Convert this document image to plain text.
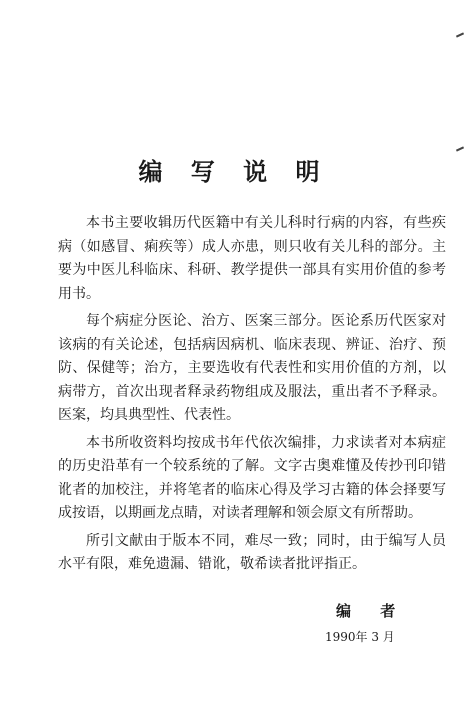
编 写 说 明

本书主要收辑历代医籍中有关儿科时行病的内容，有些疾病（如感冒、痢疾等）成人亦患，则只收有关儿科的部分。主要为中医儿科临床、科研、教学提供一部具有实用价值的参考用书。

每个病症分医论、治方、医案三部分。医论系历代医家对该病的有关论述，包括病因病机、临床表现、辨证、治疗、预防、保健等；治方，主要选收有代表性和实用价值的方剂，以病带方，首次出现者释录药物组成及服法，重出者不予释录。医案，均具典型性、代表性。

本书所收资料均按成书年代依次编排，力求读者对本病症的历史沿革有一个较系统的了解。文字古奥难懂及传抄刊印错讹者的加校注，并将笔者的临床心得及学习古籍的体会择要写成按语，以期画龙点睛，对读者理解和领会原文有所帮助。

所引文献由于版本不同，难尽一致；同时，由于编写人员水平有限，难免遗漏、错讹，敬希读者批评指正。

编 者
1990年 3 月
